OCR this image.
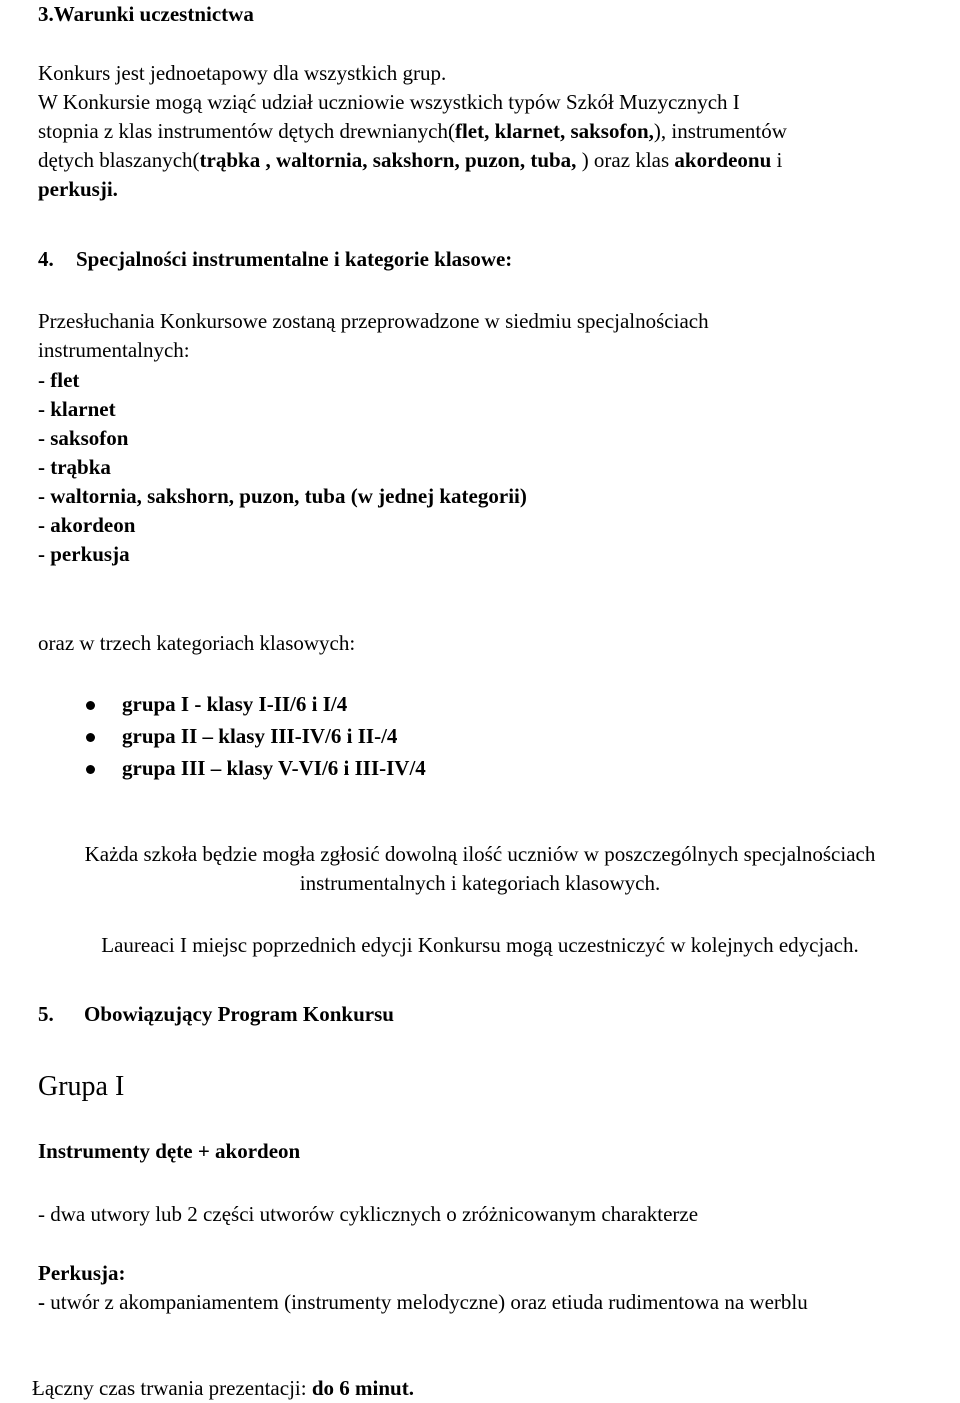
3.Warunki uczestnictwa
Konkurs jest jednoetapowy dla wszystkich grup.
W Konkursie mogą wziąć udział uczniowie wszystkich typów Szkół Muzycznych I
stopnia z klas instrumentów dętych drewnianych(flet, klarnet, saksofon,), instrumentów
dętych blaszanych(trąbka , waltornia, sakshorn, puzon, tuba, ) oraz klas akordeonu i
perkusji.
4. Specjalności instrumentalne i kategorie klasowe:
Przesłuchania Konkursowe zostaną przeprowadzone w siedmiu specjalnościach
instrumentalnych:
- flet
- klarnet
- saksofon
- trąbka
- waltornia, sakshorn, puzon, tuba (w jednej kategorii)
- akordeon
- perkusja
oraz w trzech kategoriach klasowych:
grupa I - klasy I-II/6 i I/4
grupa II – klasy III-IV/6 i II-/4
grupa III – klasy V-VI/6 i III-IV/4
Każda szkoła będzie mogła zgłosić dowolną ilość uczniów w poszczególnych specjalnościach
instrumentalnych i kategoriach klasowych.
Laureaci I miejsc poprzednich edycji Konkursu mogą uczestniczyć w kolejnych edycjach.
5. Obowiązujący Program Konkursu
Grupa I
Instrumenty dęte + akordeon
- dwa utwory lub 2 części utworów cyklicznych o zróżnicowanym charakterze
Perkusja:
- utwór z akompaniamentem (instrumenty melodyczne) oraz etiuda rudimentowa na werblu
Łączny czas trwania prezentacji: do 6 minut.
